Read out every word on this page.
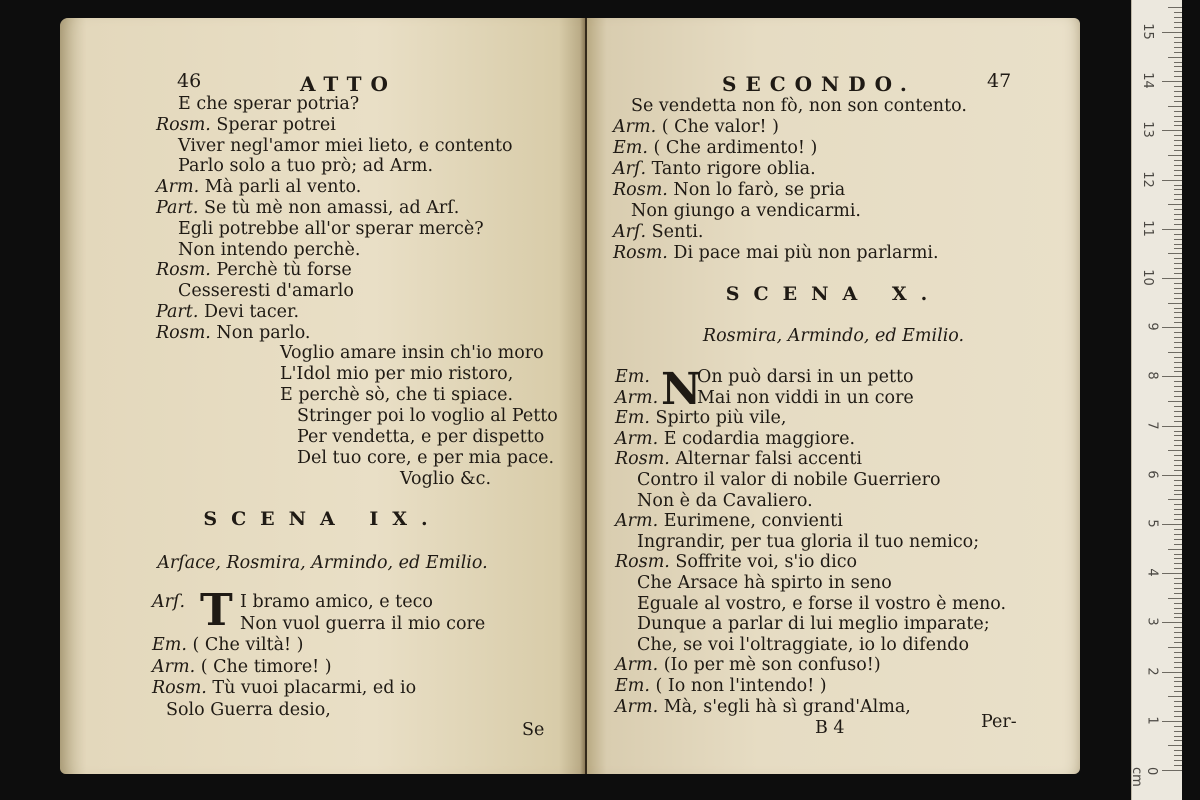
46	ATTO
E che sperar potria?
Rosm. Sperar potrei
Viver negl'amor miei lieto, e contento
Parlo solo a tuo prò; ad Arm.
Arm. Mà parli al vento.
Part. Se tù mè non amassi, ad Arſ.
Egli potrebbe all'or sperar mercè?
Non intendo perchè.
Rosm. Perchè tù forse
Cesseresti d'amarlo
Part. Devi tacer.
Rosm. Non parlo.
Voglio amare insin ch'io moro
L'Idol mio per mio ristoro,
E perchè sò, che ti spiace.
Stringer poi lo voglio al Petto
Per vendetta, e per dispetto
Del tuo core, e per mia pace.
Voglio &c.
SCENA IX.
Arſace, Rosmira, Armindo, ed Emilio.
T
Arſ.	I bramo amico, e teco
Non vuol guerra il mio core
Em. ( Che viltà! )
Arm. ( Che timore! )
Rosm. Tù vuoi placarmi, ed io
Solo Guerra desio,
Se
SECONDO.	47
Se vendetta non fò, non son contento.
Arm. ( Che valor! )
Em. ( Che ardimento! )
Arſ. Tanto rigore oblia.
Rosm. Non lo farò, se pria
Non giungo a vendicarmi.
Arſ. Senti.
Rosm. Di pace mai più non parlarmi.
SCENA X.
Rosmira, Armindo, ed Emilio.
N
Em.	On può darsi in un petto
Arm. Mai non viddi in un core
Em. Spirto più vile,
Arm. E codardia maggiore.
Rosm. Alternar falsi accenti
Contro il valor di nobile Guerriero
Non è da Cavaliero.
Arm. Eurimene, convienti
Ingrandir, per tua gloria il tuo nemico;
Rosm. Soffrite voi, s'io dico
Che Arsace hà spirto in seno
Eguale al vostro, e forse il vostro è meno.
Dunque a parlar di lui meglio imparate;
Che, se voi l'oltraggiate, io lo difendo
Arm. (Io per mè son confuso!)
Em. ( Io non l'intendo! )
Arm. Mà, s'egli hà sì grand'Alma,
B 4	Per-
0 cm
1
2
3
4
5
6
7
8
9
10
11
12
13
14
15
